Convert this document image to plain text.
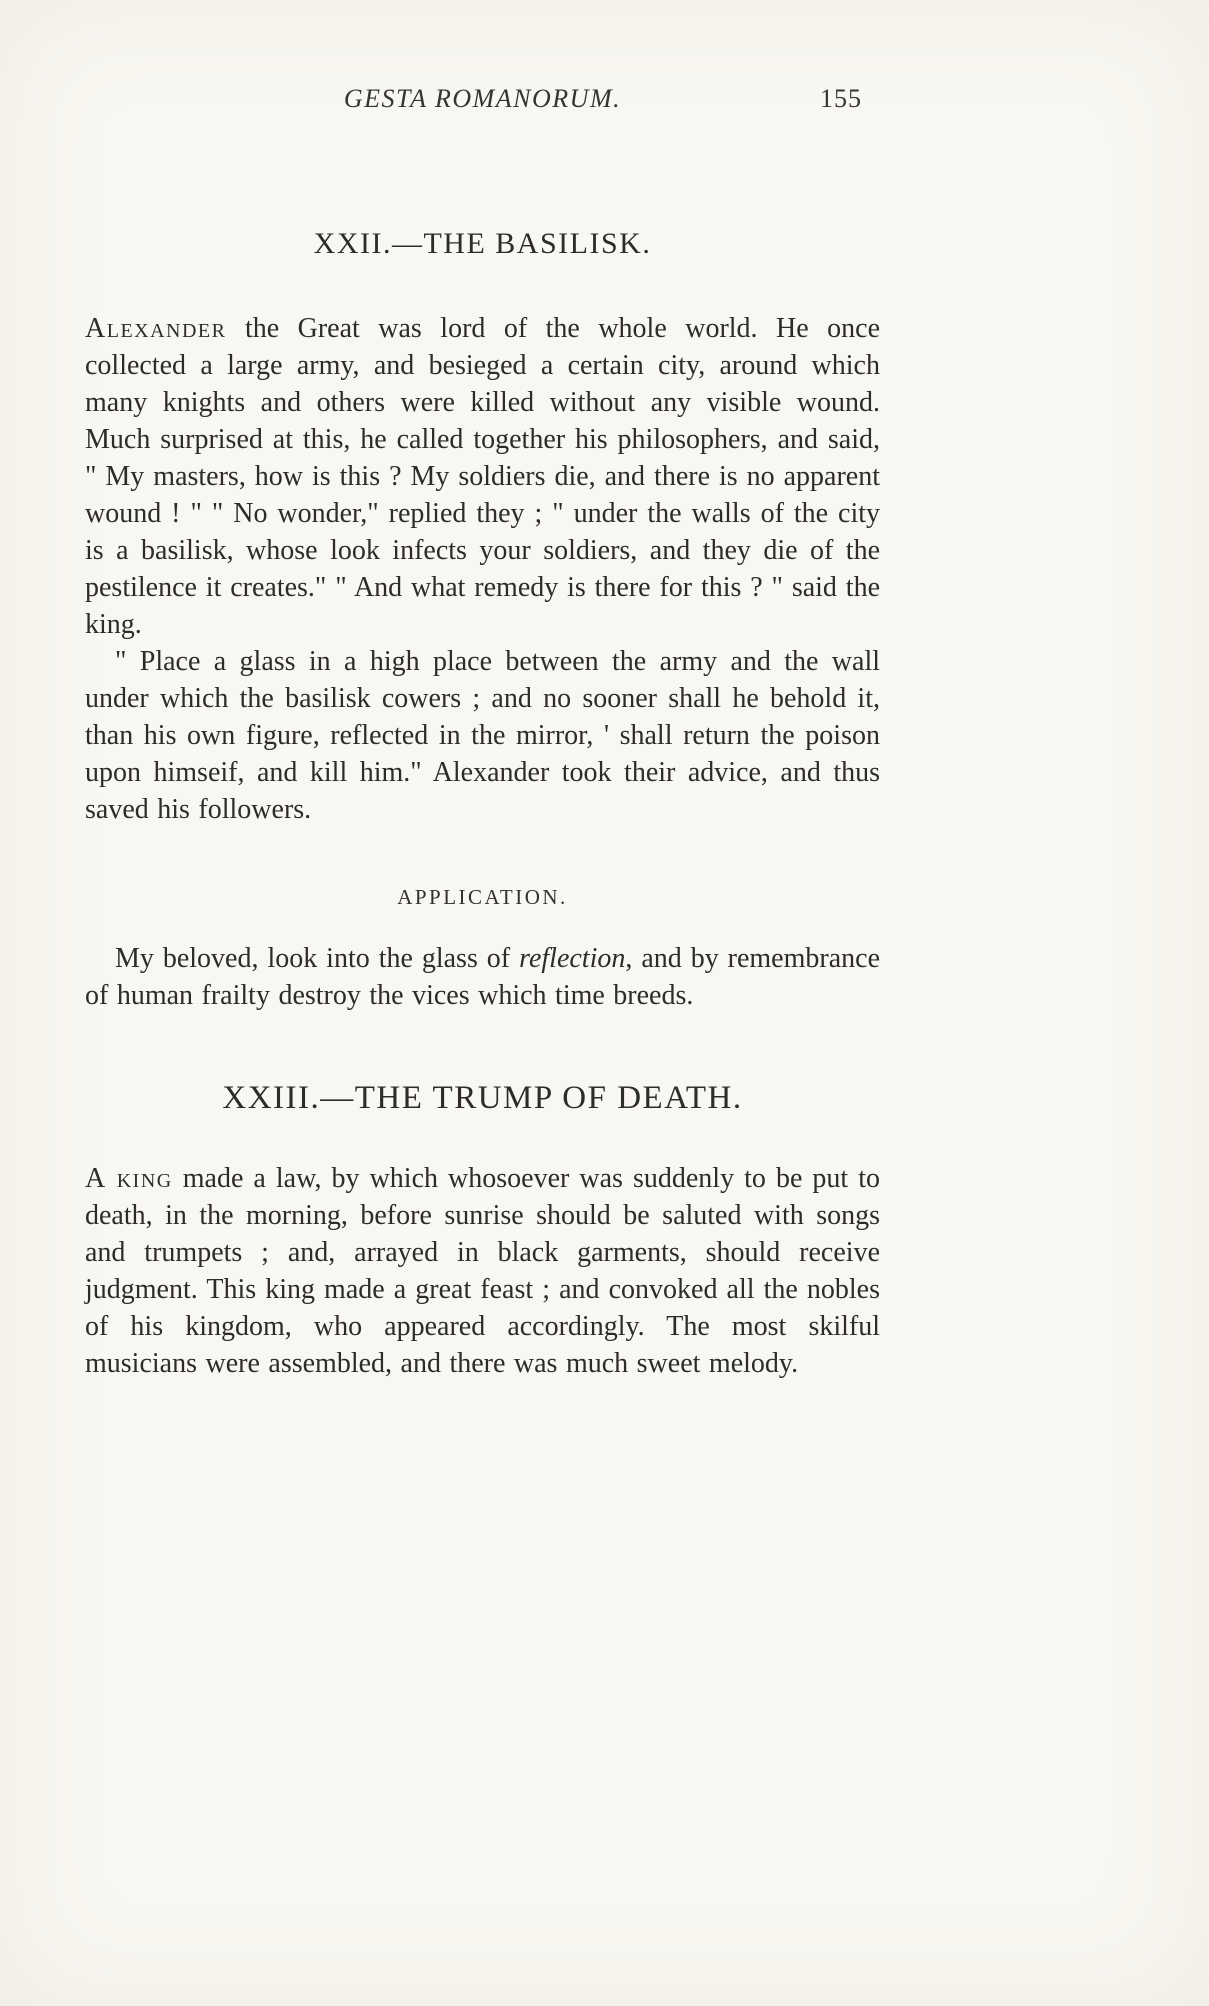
GESTA ROMANORUM.	155
XXII.—THE BASILISK.

Alexander the Great was lord of the whole world. He once collected a large army, and besieged a certain city, around which many knights and others were killed without any visible wound. Much surprised at this, he called together his philosophers, and said, " My masters, how is this ? My soldiers die, and there is no apparent wound ! " " No wonder," replied they ; " under the walls of the city is a basilisk, whose look infects your soldiers, and they die of the pestilence it creates." " And what remedy is there for this ? " said the king.

" Place a glass in a high place between the army and the wall under which the basilisk cowers ; and no sooner shall he behold it, than his own figure, reflected in the mirror, ' shall return the poison upon himseif, and kill him." Alexander took their advice, and thus saved his followers.

APPLICATION.

My beloved, look into the glass of reflection, and by remembrance of human frailty destroy the vices which time breeds.

XXIII.—THE TRUMP OF DEATH.

A king made a law, by which whosoever was suddenly to be put to death, in the morning, before sunrise should be saluted with songs and trumpets ; and, arrayed in black garments, should receive judgment. This king made a great feast ; and convoked all the nobles of his kingdom, who appeared accordingly. The most skilful musicians were assembled, and there was much sweet melody.
